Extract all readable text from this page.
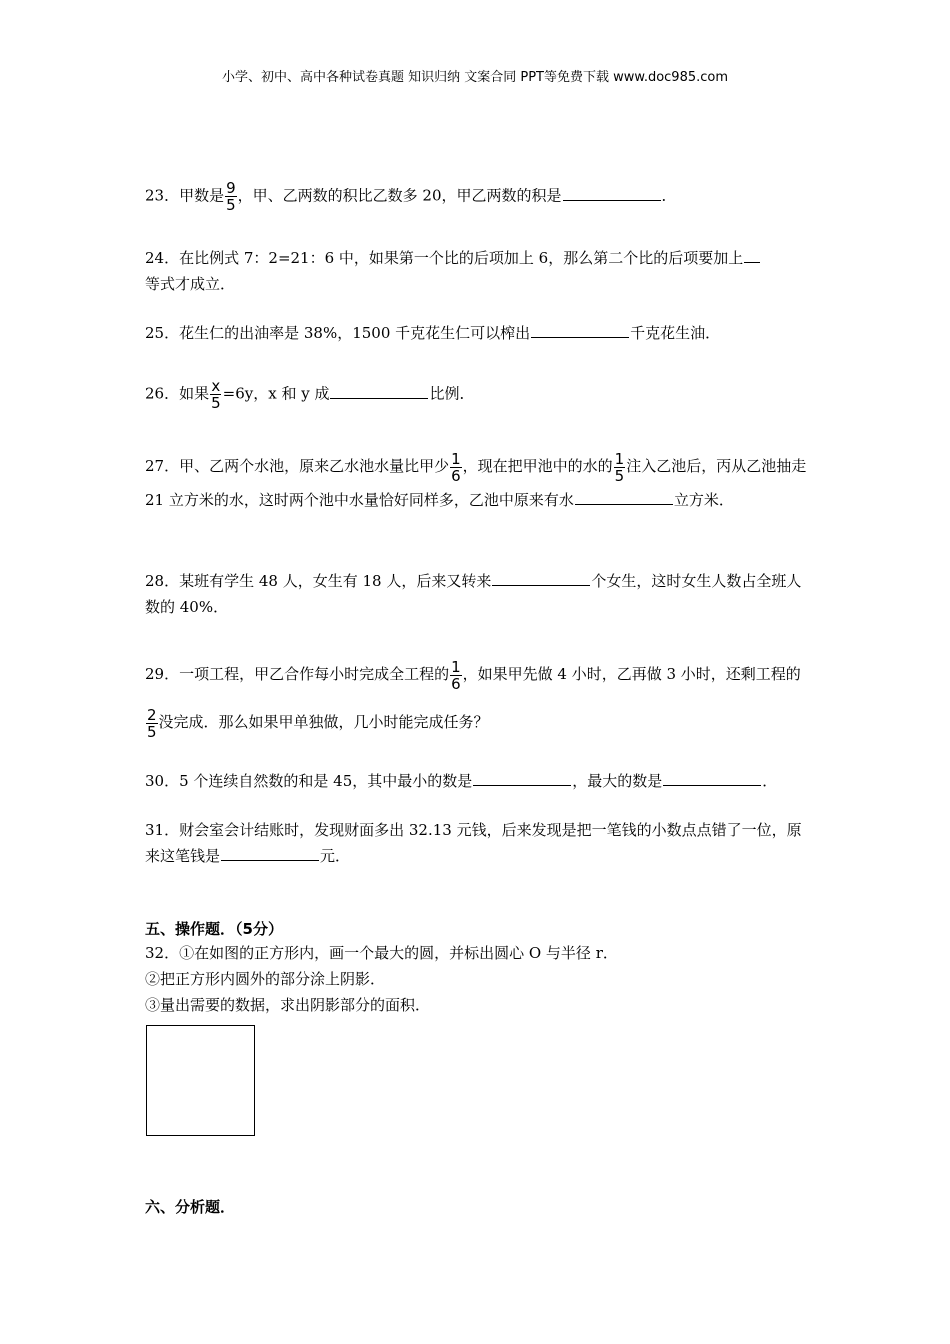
小学、初中、高中各种试卷真题 知识归纳 文案合同 PPT等免费下载 www.doc985.com
23．甲数是 $\frac{9}{5}$ ，甲、乙两数的积比乙数多 20，甲乙两数的积是	．
24．在比例式 7：2=21：6 中，如果第一个比的后项加上 6，那么第二个比的后项要加上
等式才成立．
25．花生仁的出油率是 38%，1500 千克花生仁可以榨出	千克花生油．
26．如果 $\frac{x}{5} =6y$，x 和 y 成	比例．
27．甲、乙两个水池，原来乙水池水量比甲少 $\frac{1}{6}$ ，现在把甲池中的水的 $\frac{1}{5}$ 注入乙池后，丙从乙池抽走 21 立方米的水，这时两个池中水量恰好同样多，乙池中原来有水	立方米．
28．某班有学生 48 人，女生有 18 人，后来又转来	个女生，这时女生人数占全班人数的 40%．
29．一项工程，甲乙合作每小时完成全工程的 $\frac{1}{6}$ ，如果甲先做 4 小时，乙再做 3 小时，还剩工程的
$\frac{2}{5}$ 没完成．那么如果甲单独做，几小时能完成任务？
30．5 个连续自然数的和是 45，其中最小的数是	，最大的数是	．
31．财会室会计结账时，发现财面多出 32.13 元钱，后来发现是把一笔钱的小数点点错了一位，原来这笔钱是	元．
五、操作题．（5分）
32．①在如图的正方形内，画一个最大的圆，并标出圆心 O 与半径 r．
②把正方形内圆外的部分涂上阴影．
③量出需要的数据，求出阴影部分的面积．
六、分析题．
